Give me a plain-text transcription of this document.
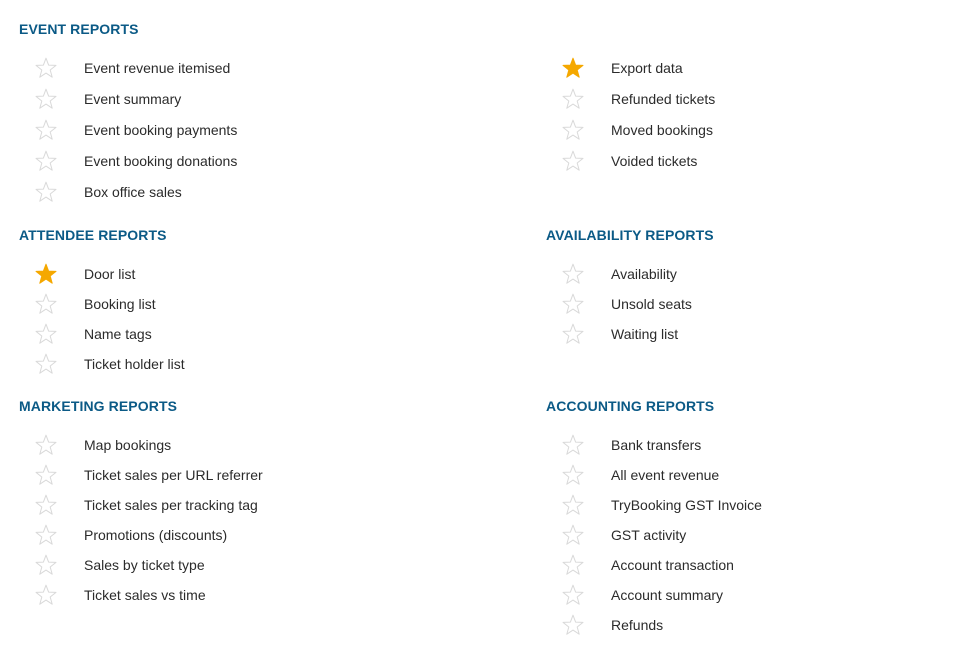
EVENT REPORTS
Event revenue itemised
Event summary
Event booking payments
Event booking donations
Box office sales
Export data
Refunded tickets
Moved bookings
Voided tickets
ATTENDEE REPORTS
Door list
Booking list
Name tags
Ticket holder list
AVAILABILITY REPORTS
Availability
Unsold seats
Waiting list
MARKETING REPORTS
Map bookings
Ticket sales per URL referrer
Ticket sales per tracking tag
Promotions (discounts)
Sales by ticket type
Ticket sales vs time
ACCOUNTING REPORTS
Bank transfers
All event revenue
TryBooking GST Invoice
GST activity
Account transaction
Account summary
Refunds
